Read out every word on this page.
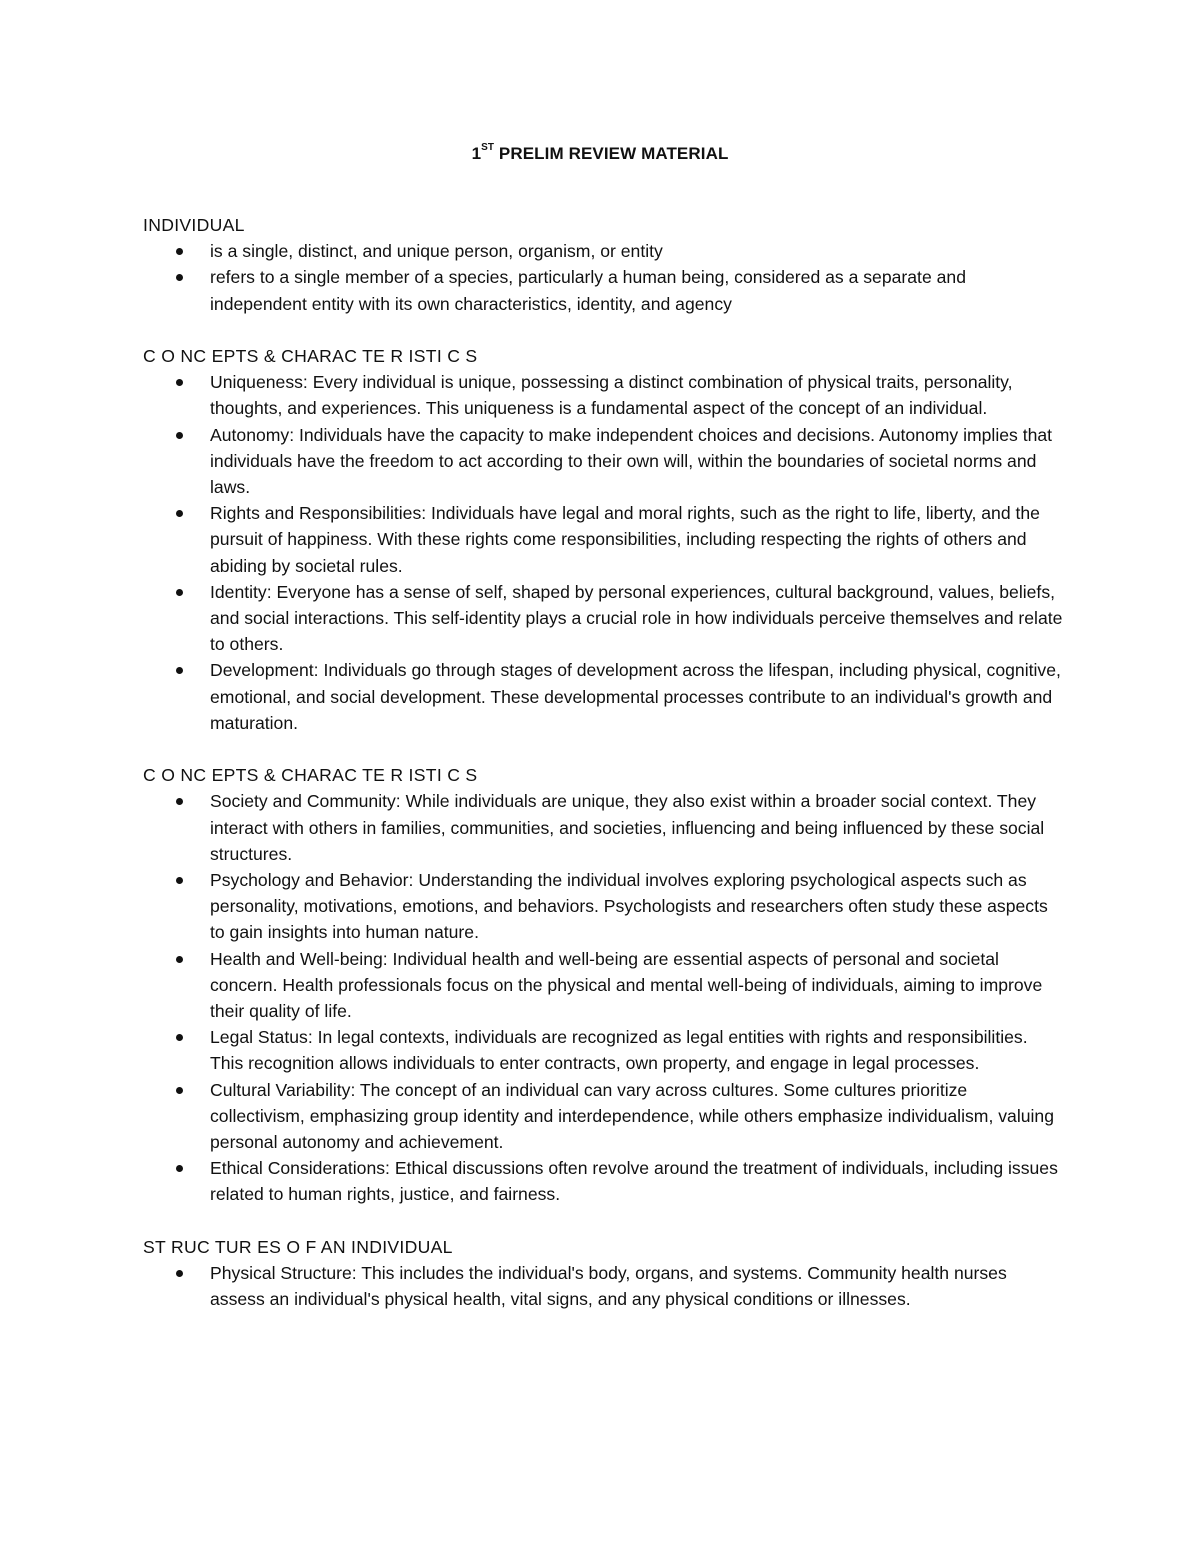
1ST PRELIM REVIEW MATERIAL

INDIVIDUAL

is a single, distinct, and unique person, organism, or entity
refers to a single member of a species, particularly a human being, considered as a separate and independent entity with its own characteristics, identity, and agency

C O NC EPTS & CHARAC TE R ISTI C S

Uniqueness: Every individual is unique, possessing a distinct combination of physical traits, personality, thoughts, and experiences. This uniqueness is a fundamental aspect of the concept of an individual.
Autonomy: Individuals have the capacity to make independent choices and decisions. Autonomy implies that individuals have the freedom to act according to their own will, within the boundaries of societal norms and laws.
Rights and Responsibilities: Individuals have legal and moral rights, such as the right to life, liberty, and the pursuit of happiness. With these rights come responsibilities, including respecting the rights of others and abiding by societal rules.
Identity: Everyone has a sense of self, shaped by personal experiences, cultural background, values, beliefs, and social interactions. This self-identity plays a crucial role in how individuals perceive themselves and relate to others.
Development: Individuals go through stages of development across the lifespan, including physical, cognitive, emotional, and social development. These developmental processes contribute to an individual's growth and maturation.

C O NC EPTS & CHARAC TE R ISTI C S

Society and Community: While individuals are unique, they also exist within a broader social context. They interact with others in families, communities, and societies, influencing and being influenced by these social structures.
Psychology and Behavior: Understanding the individual involves exploring psychological aspects such as personality, motivations, emotions, and behaviors. Psychologists and researchers often study these aspects to gain insights into human nature.
Health and Well-being: Individual health and well-being are essential aspects of personal and societal concern. Health professionals focus on the physical and mental well-being of individuals, aiming to improve their quality of life.
Legal Status: In legal contexts, individuals are recognized as legal entities with rights and responsibilities. This recognition allows individuals to enter contracts, own property, and engage in legal processes.
Cultural Variability: The concept of an individual can vary across cultures. Some cultures prioritize collectivism, emphasizing group identity and interdependence, while others emphasize individualism, valuing personal autonomy and achievement.
Ethical Considerations: Ethical discussions often revolve around the treatment of individuals, including issues related to human rights, justice, and fairness.

ST RUC TUR ES O F AN INDIVIDUAL

Physical Structure: This includes the individual's body, organs, and systems. Community health nurses assess an individual's physical health, vital signs, and any physical conditions or illnesses.
